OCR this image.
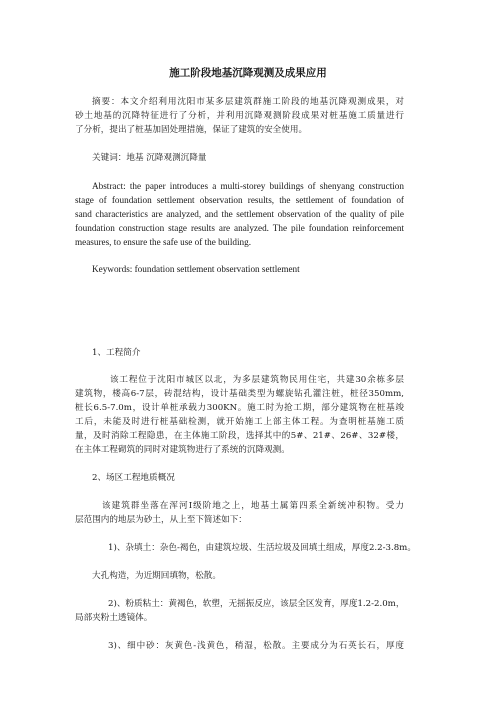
施工阶段地基沉降观测及成果应用
摘要：本文介绍利用沈阳市某多层建筑群施工阶段的地基沉降观测成果，对
砂土地基的沉降特征进行了分析，并利用沉降观测阶段成果对桩基施工质量进行
了分析，提出了桩基加固处理措施，保证了建筑的安全使用。
关键词：地基 沉降观测沉降量
Abstract: the paper introduces a multi-storey buildings of shenyang construction
stage of foundation settlement observation results, the settlement of foundation of
sand characteristics are analyzed, and the settlement observation of the quality of pile
foundation construction stage results are analyzed. The pile foundation reinforcement
measures, to ensure the safe use of the building.
Keywords: foundation settlement observation settlement
1、工程简介
该工程位于沈阳市城区以北，为多层建筑物民用住宅，共建30余栋多层
建筑物，楼高6-7层，砖混结构，设计基础类型为螺旋钻孔灌注桩，桩径350mm,
桩长6.5-7.0m，设计单桩承载力300KN。施工时为抢工期，部分建筑物在桩基竣
工后，未能及时进行桩基础检测，就开始施工上部主体工程。为查明桩基施工质
量，及时消除工程隐患，在主体施工阶段，选择其中的5#、21#、26#、32#楼，
在主体工程砌筑的同时对建筑物进行了系统的沉降观测。
2、场区工程地质概况
该建筑群坐落在浑河Ⅰ级阶地之上，地基土属第四系全新统冲积物。受力
层范围内的地层为砂土，从上至下简述如下：
1)、杂填土：杂色-褐色，由建筑垃圾、生活垃圾及回填土组成，厚度2.2-3.8m。
大孔构造，为近期回填物，松散。
2)、粉质粘土：黄褐色，软塑，无摇振反应，该层全区发育，厚度1.2-2.0m，
局部夹粉土透镜体。
3)、细中砂：灰黄色-浅黄色，稍湿，松散。主要成分为石英长石，厚度
